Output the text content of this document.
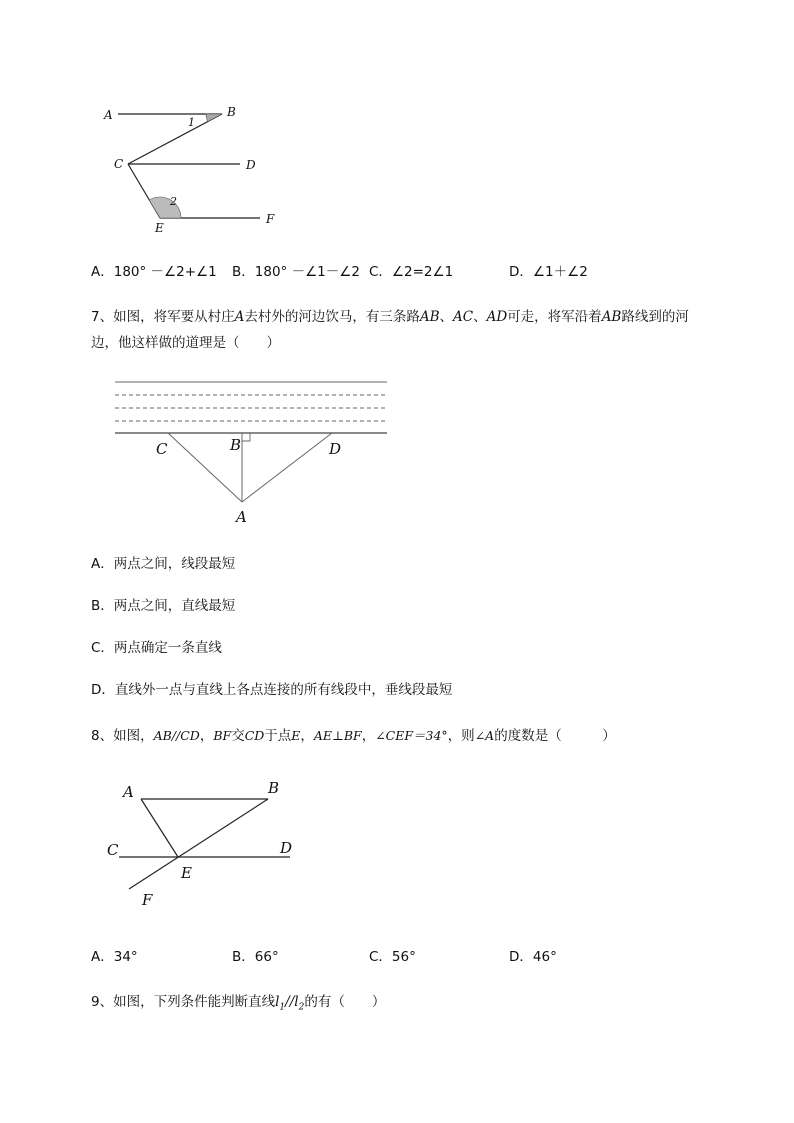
A	B
1
C	D
2
E
F
A．180° －∠2+∠1 B．180° －∠1－∠2 C．∠2=2∠1	D．∠1＋∠2
7、如图，将军要从村庄A去村外的河边饮马，有三条路AB、AC、AD可走，将军沿着AB路线到的河
边，他这样做的道理是（　　）
C	B	D
A
A．两点之间，线段最短
B．两点之间，直线最短
C．两点确定一条直线
D．直线外一点与直线上各点连接的所有线段中，垂线段最短
8、如图，AB//CD，BF交CD于点E，AE⊥BF，∠CEF＝34°，则∠A的度数是（　　　）
A	B
C	D
E
F
A．34°	B．66°	C．56°	D．46°
9、如图，下列条件能判断直线$l_1//l_2$的有（　　）
